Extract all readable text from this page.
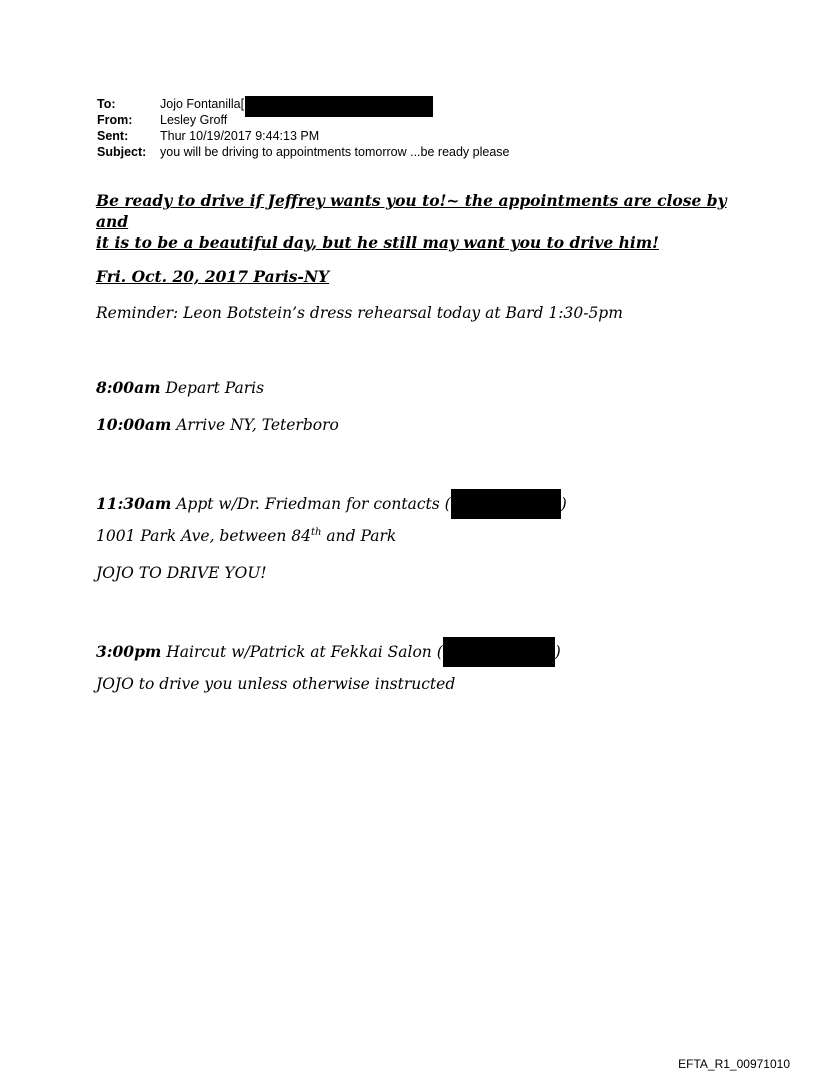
To:	Jojo Fontanilla[
From:	Lesley Groff
Sent:	Thur 10/19/2017 9:44:13 PM
Subject:	you will be driving to appointments tomorrow ...be ready please
Be ready to drive if Jeffrey wants you to!~ the appointments are close by and
it is to be a beautiful day, but he still may want you to drive him!
Fri. Oct. 20, 2017 Paris-NY
Reminder: Leon Botstein’s dress rehearsal today at Bard 1:30-5pm
8:00am Depart Paris
10:00am Arrive NY, Teterboro
11:30am Appt w/Dr. Friedman for contacts (	)
1001 Park Ave, between 84th and Park
JOJO TO DRIVE YOU!
3:00pm Haircut w/Patrick at Fekkai Salon (	)
JOJO to drive you unless otherwise instructed
EFTA_R1_00971010
